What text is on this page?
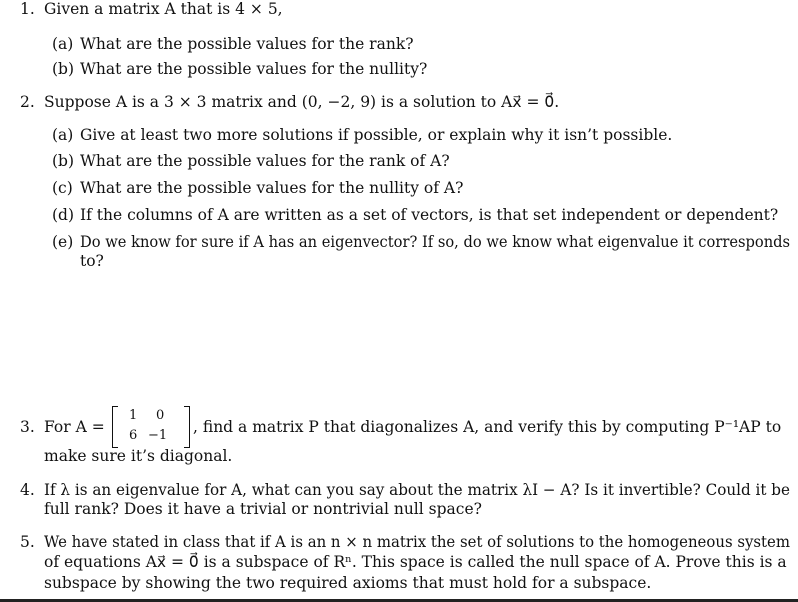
1. Given a matrix A that is 4 × 5,
(a) What are the possible values for the rank?
(b) What are the possible values for the nullity?
2. Suppose A is a 3 × 3 matrix and (0, −2, 9) is a solution to Ax⃗ = 0⃗.
(a) Give at least two more solutions if possible, or explain why it isn’t possible.
(b) What are the possible values for the rank of A?
(c) What are the possible values for the nullity of A?
(d) If the columns of A are written as a set of vectors, is that set independent or dependent?
(e) Do we know for sure if A has an eigenvector? If so, do we know what eigenvalue it corresponds
to?
3. For A =
1 0
6 −1 , find a matrix P that diagonalizes A, and verify this by computing P⁻¹AP to
make sure it’s diagonal.
4. If λ is an eigenvalue for A, what can you say about the matrix λI − A? Is it invertible? Could it be
full rank? Does it have a trivial or nontrivial null space?
5. We have stated in class that if A is an n × n matrix the set of solutions to the homogeneous system
of equations Ax⃗ = 0⃗ is a subspace of Rⁿ. This space is called the null space of A. Prove this is a
subspace by showing the two required axioms that must hold for a subspace.
